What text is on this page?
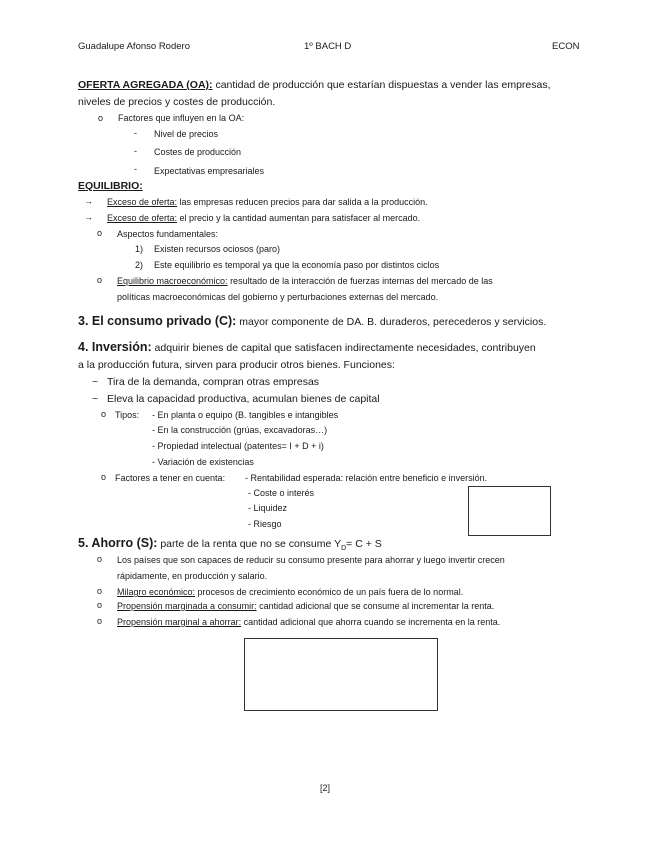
Guadalupe Afonso Rodero	1º BACH D	ECON
OFERTA AGREGADA (OA): cantidad de producción que estarían dispuestas a vender las empresas,
niveles de precios y costes de producción.
o Factores que influyen en la OA:
- Nivel de precios
- Costes de producción
- Expectativas empresariales
EQUILIBRIO:
→ Exceso de oferta: las empresas reducen precios para dar salida a la producción.
→ Exceso de oferta: el precio y la cantidad aumentan para satisfacer al mercado.
o Aspectos fundamentales:
1) Existen recursos ociosos (paro)
2) Este equilibrio es temporal ya que la economía paso por distintos ciclos
o Equilibrio macroeconómico: resultado de la interacción de fuerzas internas del mercado de las
políticas macroeconómicas del gobierno y perturbaciones externas del mercado.
3. El consumo privado (C): mayor componente de DA. B. duraderos, perecederos y servicios.
4. Inversión: adquirir bienes de capital que satisfacen indirectamente necesidades, contribuyen
a la producción futura, sirven para producir otros bienes. Funciones:
~ Tira de la demanda, compran otras empresas
~ Eleva la capacidad productiva, acumulan bienes de capital
o Tipos: - En planta o equipo (B. tangibles e intangibles
- En la construcción (grúas, excavadoras…)
- Propiedad intelectual (patentes= I + D + i)
- Variación de existencias
o Factores a tener en cuenta: - Rentabilidad esperada: relación entre beneficio e inversión.
- Coste o interés
- Liquidez
- Riesgo
5. Ahorro (S): parte de la renta que no se consume $Y_D= C + S$
o Los países que son capaces de reducir su consumo presente para ahorrar y luego invertir crecen
rápidamente, en producción y salario.
o Milagro económico: procesos de crecimiento económico de un país fuera de lo normal.
o Propensión marginada a consumir: cantidad adicional que se consume al incrementar la renta.
o Propensión marginal a ahorrar: cantidad adicional que ahorra cuando se incrementa en la renta.
[2]
